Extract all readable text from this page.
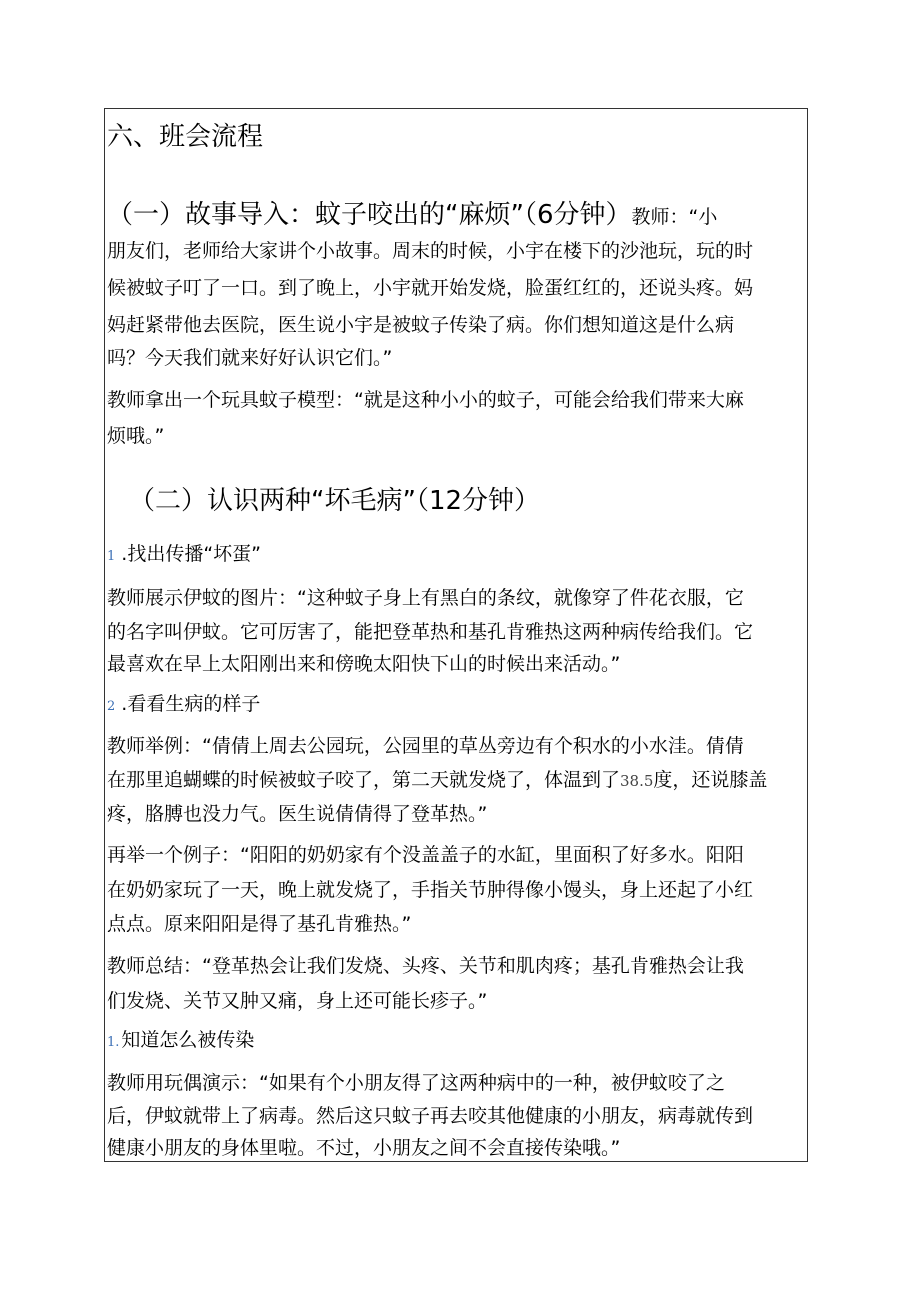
六、班会流程
（一）故事导入：蚊子咬出的“麻烦”（6分钟）教师：“小
朋友们，老师给大家讲个小故事。周末的时候，小宇在楼下的沙池玩，玩的时
候被蚊子叮了一口。到了晚上，小宇就开始发烧，脸蛋红红的，还说头疼。妈
妈赶紧带他去医院，医生说小宇是被蚊子传染了病。你们想知道这是什么病
吗？今天我们就来好好认识它们。”
教师拿出一个玩具蚊子模型：“就是这种小小的蚊子，可能会给我们带来大麻
烦哦。”
（二）认识两种“坏毛病”（12分钟）
1 .找出传播“坏蛋”
教师展示伊蚊的图片：“这种蚊子身上有黑白的条纹，就像穿了件花衣服，它
的名字叫伊蚊。它可厉害了，能把登革热和基孔肯雅热这两种病传给我们。它
最喜欢在早上太阳刚出来和傍晚太阳快下山的时候出来活动。”
2 .看看生病的样子
教师举例：“倩倩上周去公园玩，公园里的草丛旁边有个积水的小水洼。倩倩
在那里追蝴蝶的时候被蚊子咬了，第二天就发烧了，体温到了38.5度，还说膝盖
疼，胳膊也没力气。医生说倩倩得了登革热。”
再举一个例子：“阳阳的奶奶家有个没盖盖子的水缸，里面积了好多水。阳阳
在奶奶家玩了一天，晚上就发烧了，手指关节肿得像小馒头，身上还起了小红
点点。原来阳阳是得了基孔肯雅热。”
教师总结：“登革热会让我们发烧、头疼、关节和肌肉疼；基孔肯雅热会让我
们发烧、关节又肿又痛，身上还可能长疹子。”
1. 知道怎么被传染
教师用玩偶演示：“如果有个小朋友得了这两种病中的一种，被伊蚊咬了之
后，伊蚊就带上了病毒。然后这只蚊子再去咬其他健康的小朋友，病毒就传到
健康小朋友的身体里啦。不过，小朋友之间不会直接传染哦。”
